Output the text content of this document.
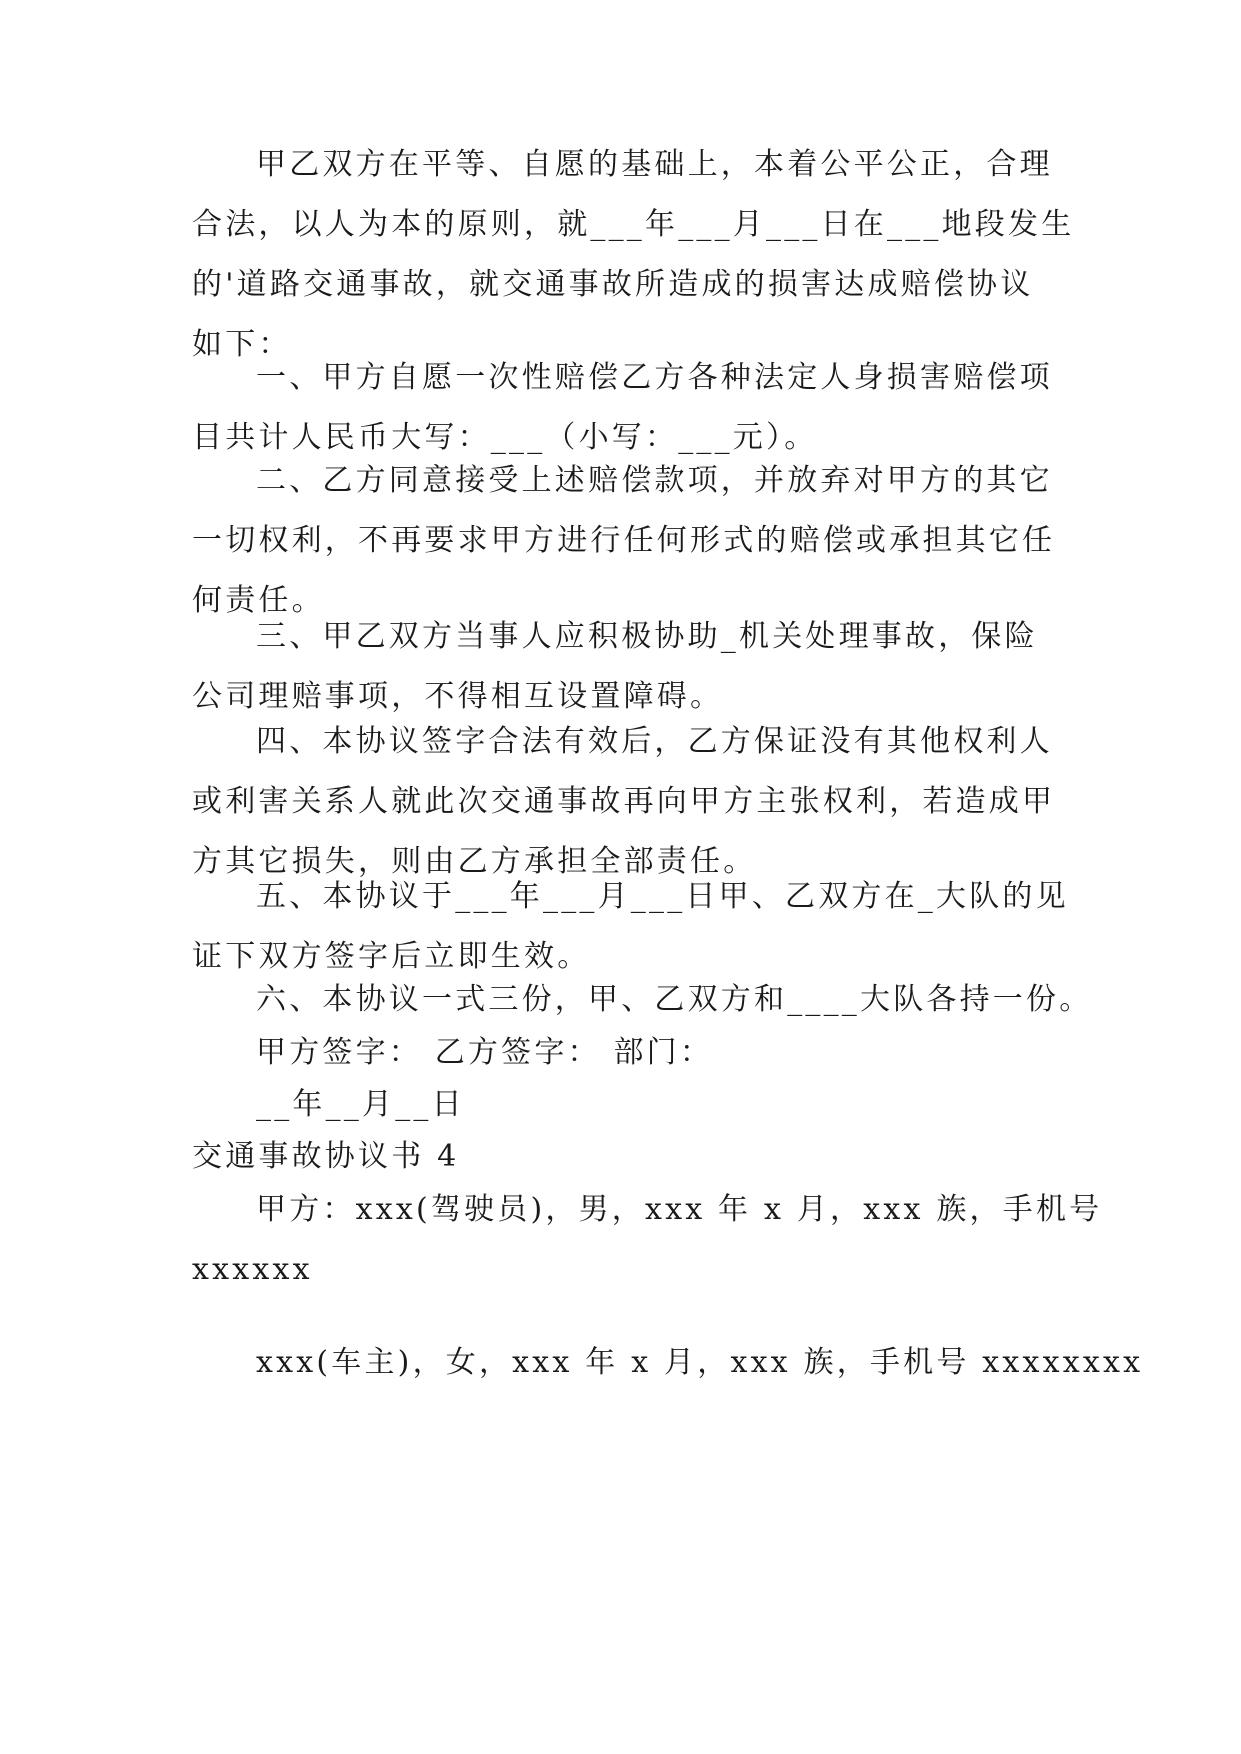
甲乙双方在平等、自愿的基础上，本着公平公正，合理
合法，以人为本的原则，就___年___月___日在___地段发生
的'道路交通事故，就交通事故所造成的损害达成赔偿协议
如下：
一、甲方自愿一次性赔偿乙方各种法定人身损害赔偿项
目共计人民币大写：___（小写：___元）。
二、乙方同意接受上述赔偿款项，并放弃对甲方的其它
一切权利，不再要求甲方进行任何形式的赔偿或承担其它任
何责任。
三、甲乙双方当事人应积极协助_机关处理事故，保险
公司理赔事项，不得相互设置障碍。
四、本协议签字合法有效后，乙方保证没有其他权利人
或利害关系人就此次交通事故再向甲方主张权利，若造成甲
方其它损失，则由乙方承担全部责任。
五、本协议于___年___月___日甲、乙双方在_大队的见
证下双方签字后立即生效。
六、本协议一式三份，甲、乙双方和____大队各持一份。
甲方签字： 乙方签字： 部门：
__年__月__日
交通事故协议书 4
甲方：xxx(驾驶员)，男，xxx 年 x 月，xxx 族，手机号
xxxxxx
xxx(车主)，女，xxx 年 x 月，xxx 族，手机号 xxxxxxxx
